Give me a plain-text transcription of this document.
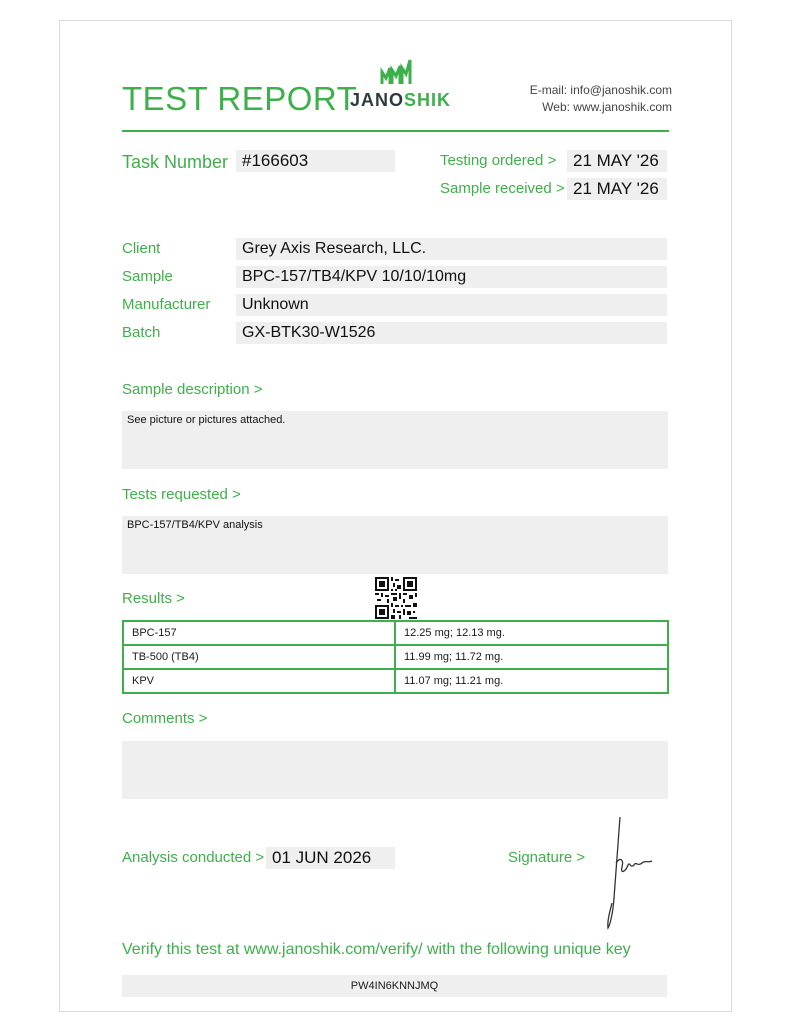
TEST REPORT
JANOSHIK	E-mail: info@janoshik.com
Web: www.janoshik.com
Task Number #166603	Testing ordered > 21 MAY '26
Sample received > 21 MAY '26
Client	Grey Axis Research, LLC.
Sample	BPC-157/TB4/KPV 10/10/10mg
Manufacturer	Unknown
Batch	GX-BTK30-W1526
Sample description >
See picture or pictures attached.
Tests requested >
BPC-157/TB4/KPV analysis
Results >
BPC-157	12.25 mg; 12.13 mg.
TB-500 (TB4)	11.99 mg; 11.72 mg.
KPV	11.07 mg; 11.21 mg.
Comments >
Analysis conducted > 01 JUN 2026	Signature >
Verify this test at www.janoshik.com/verify/ with the following unique key
PW4IN6KNNJMQ
